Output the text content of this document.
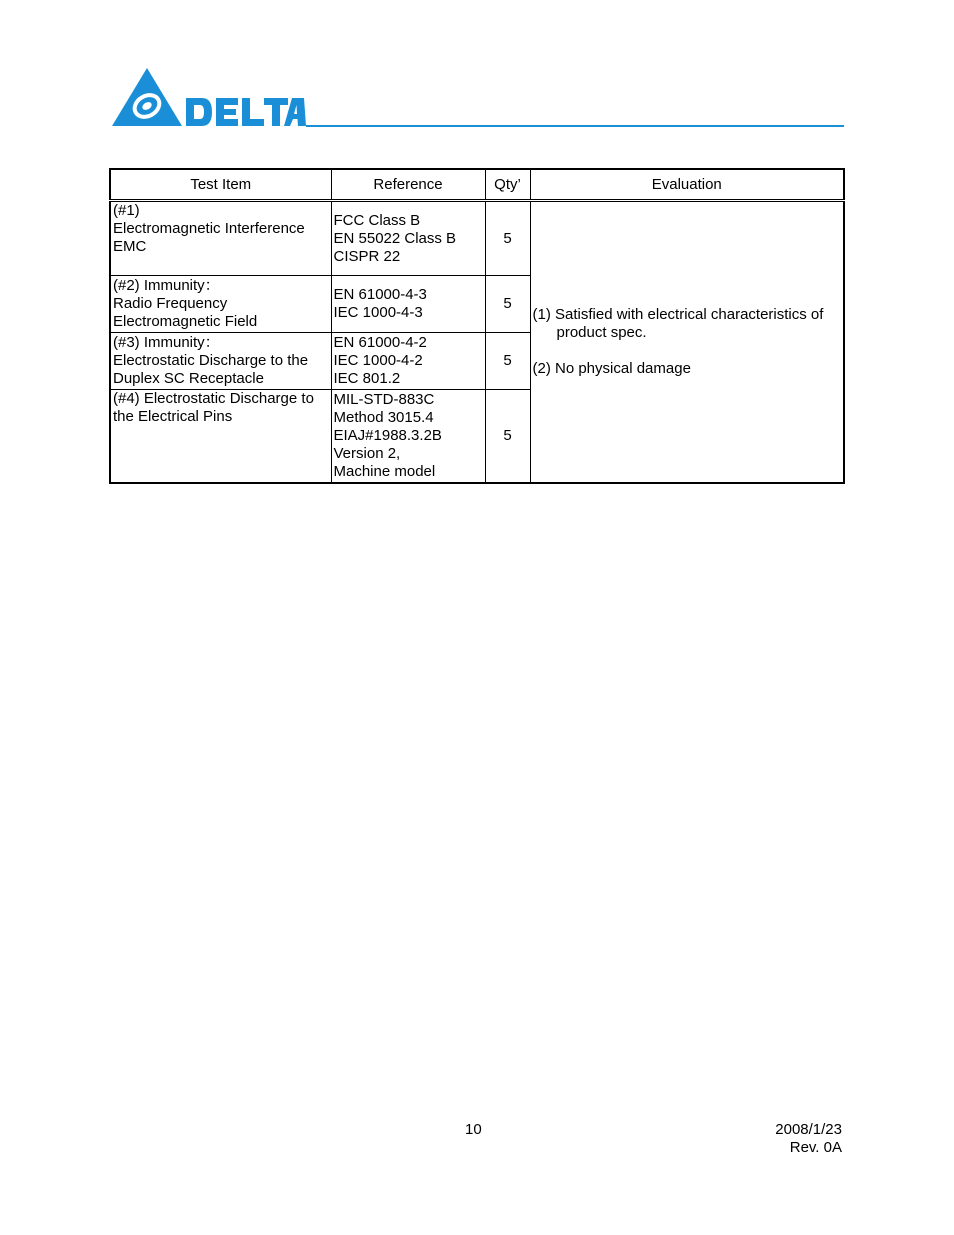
Test Item	Reference	Qty’	Evaluation

(#1)
Electromagnetic Interference
EMC	FCC Class B
EN 55022 Class B
CISPR 22	5	(1) Satisfied with electrical characteristics of
product spec.
(2) No physical damage

(#2) Immunity：
Radio Frequency
Electromagnetic Field	EN 61000-4-3
IEC 1000-4-3	5	

(#3) Immunity：
Electrostatic Discharge to the
Duplex SC Receptacle	EN 61000-4-2
IEC 1000-4-2
IEC 801.2	5	

(#4) Electrostatic Discharge to
the Electrical Pins	MIL-STD-883C
Method 3015.4
EIAJ#1988.3.2B
Version 2,
Machine model	5	
10	2008/1/23
Rev. 0A
